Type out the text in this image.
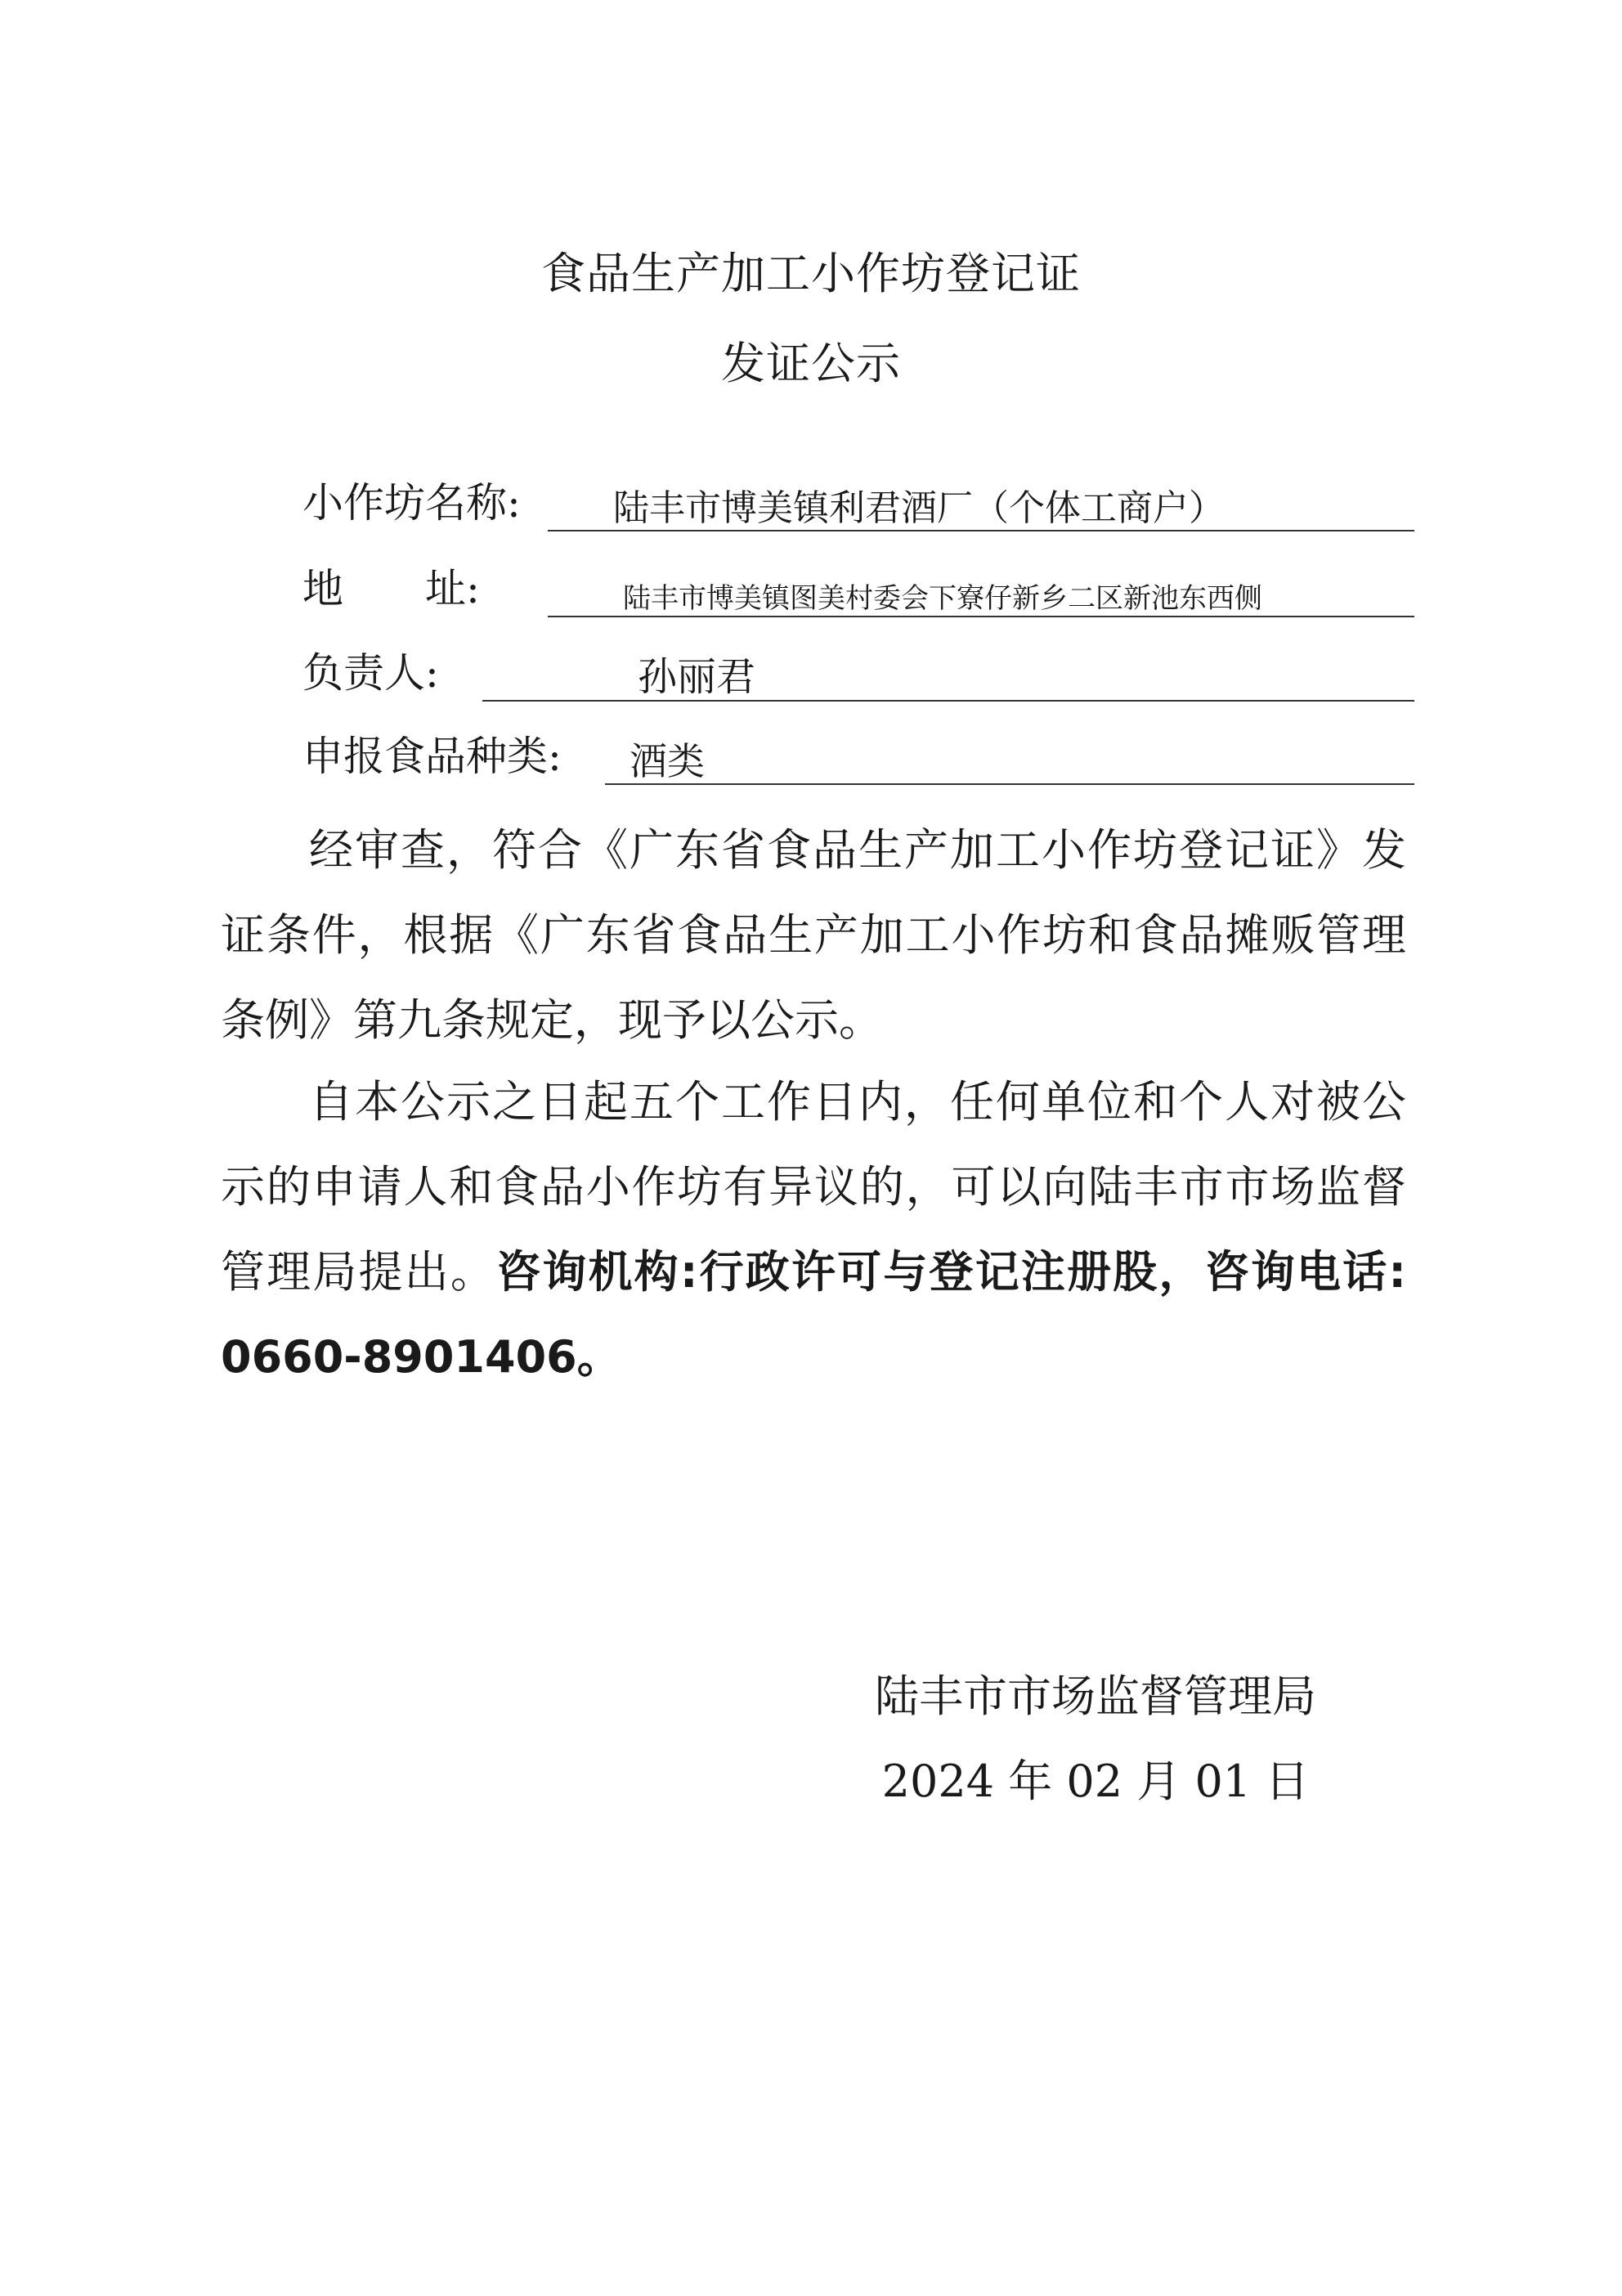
食品生产加工小作坊登记证
发证公示
小作坊名称:	陆丰市博美镇利君酒厂（个体工商户）
地　　址:	陆丰市博美镇图美村委会下寮仔新乡二区新池东西侧
负责人:	孙丽君
申报食品种类: 酒类

经审查，符合《广东省食品生产加工小作坊登记证》发证条件，根据《广东省食品生产加工小作坊和食品摊贩管理条例》第九条规定，现予以公示。

自本公示之日起五个工作日内，任何单位和个人对被公示的申请人和食品小作坊有异议的，可以向陆丰市市场监督管理局提出。咨询机构:行政许可与登记注册股，咨询电话: 0660-8901406。

陆丰市市场监督管理局
2024 年 02 月 01 日
